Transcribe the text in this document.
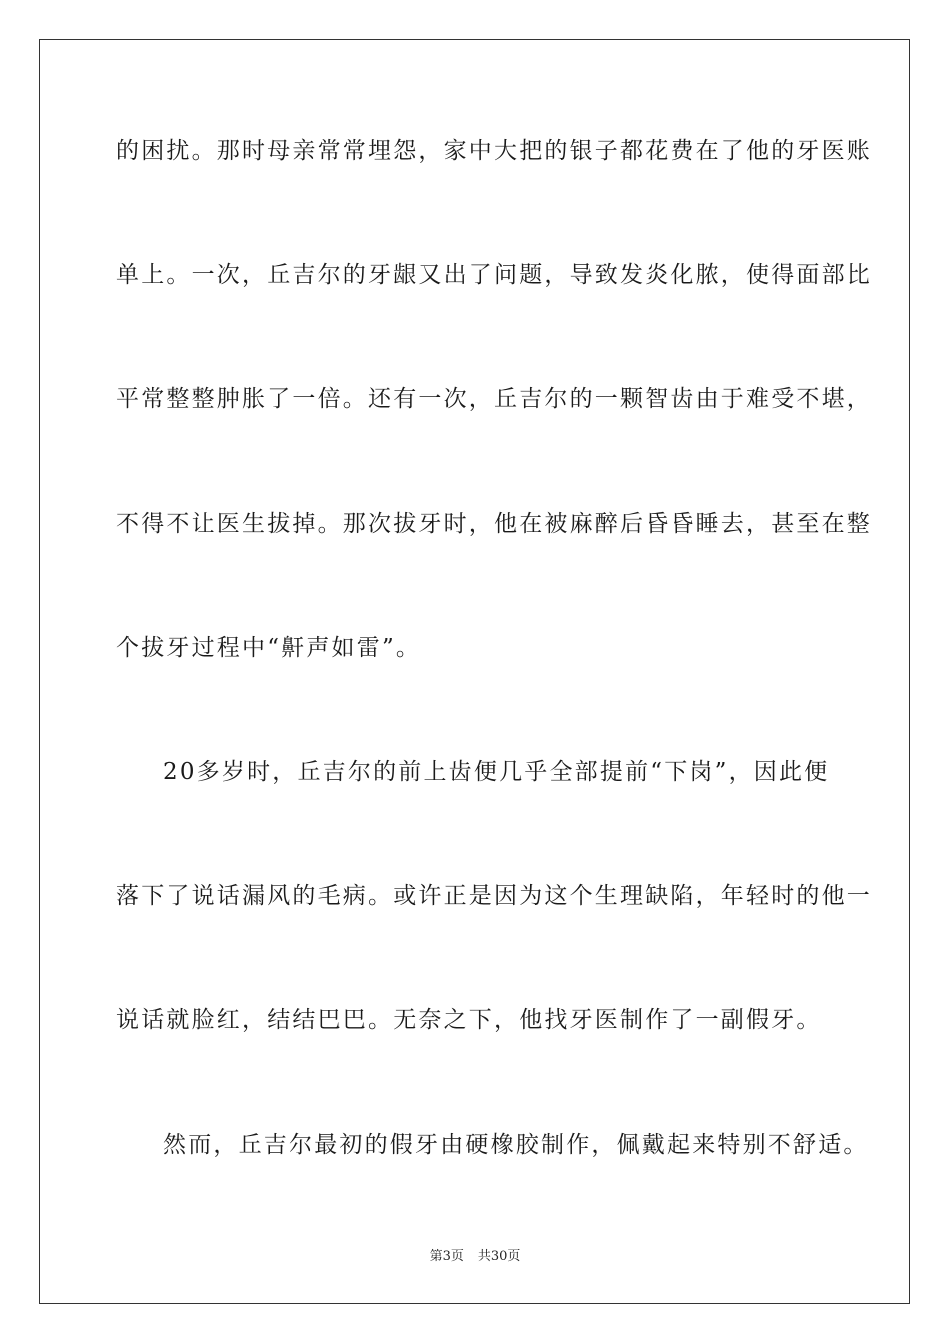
的困扰。那时母亲常常埋怨，家中大把的银子都花费在了他的牙医账
单上。一次，丘吉尔的牙龈又出了问题，导致发炎化脓，使得面部比
平常整整肿胀了一倍。还有一次，丘吉尔的一颗智齿由于难受不堪，
不得不让医生拔掉。那次拔牙时，他在被麻醉后昏昏睡去，甚至在整
个拔牙过程中“鼾声如雷”。
20多岁时，丘吉尔的前上齿便几乎全部提前“下岗”，因此便
落下了说话漏风的毛病。或许正是因为这个生理缺陷，年轻时的他一
说话就脸红，结结巴巴。无奈之下，他找牙医制作了一副假牙。
然而，丘吉尔最初的假牙由硬橡胶制作，佩戴起来特别不舒适。
第3页 共30页
